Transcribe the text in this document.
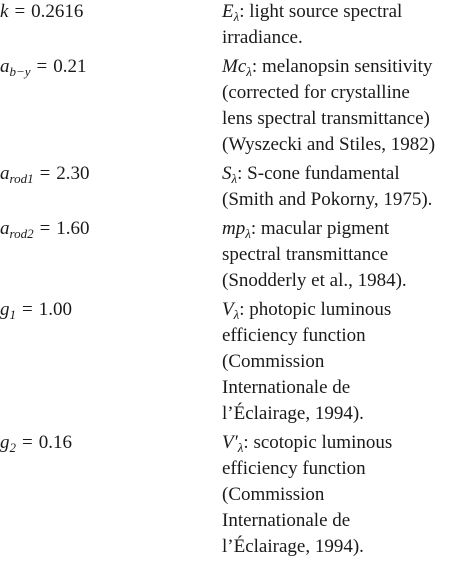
k = 0.2616	$E_\lambda$: light source spectral
irradiance.
$a_{b-y} = 0.21$	$Mc_\lambda$: melanopsin sensitivity
(corrected for crystalline
lens spectral transmittance)
(Wyszecki and Stiles, 1982)
$a_{rod1} = 2.30$	$S_\lambda$: S-cone fundamental
(Smith and Pokorny, 1975).
$a_{rod2} = 1.60$	$mp_\lambda$: macular pigment
spectral transmittance
(Snodderly et al., 1984).
$g_1 = 1.00$	$V_\lambda$: photopic luminous
efficiency function
(Commission
Internationale de
l’Éclairage, 1994).
$g_2 = 0.16$	$V'_\lambda$: scotopic luminous
efficiency function
(Commission
Internationale de
l’Éclairage, 1994).
